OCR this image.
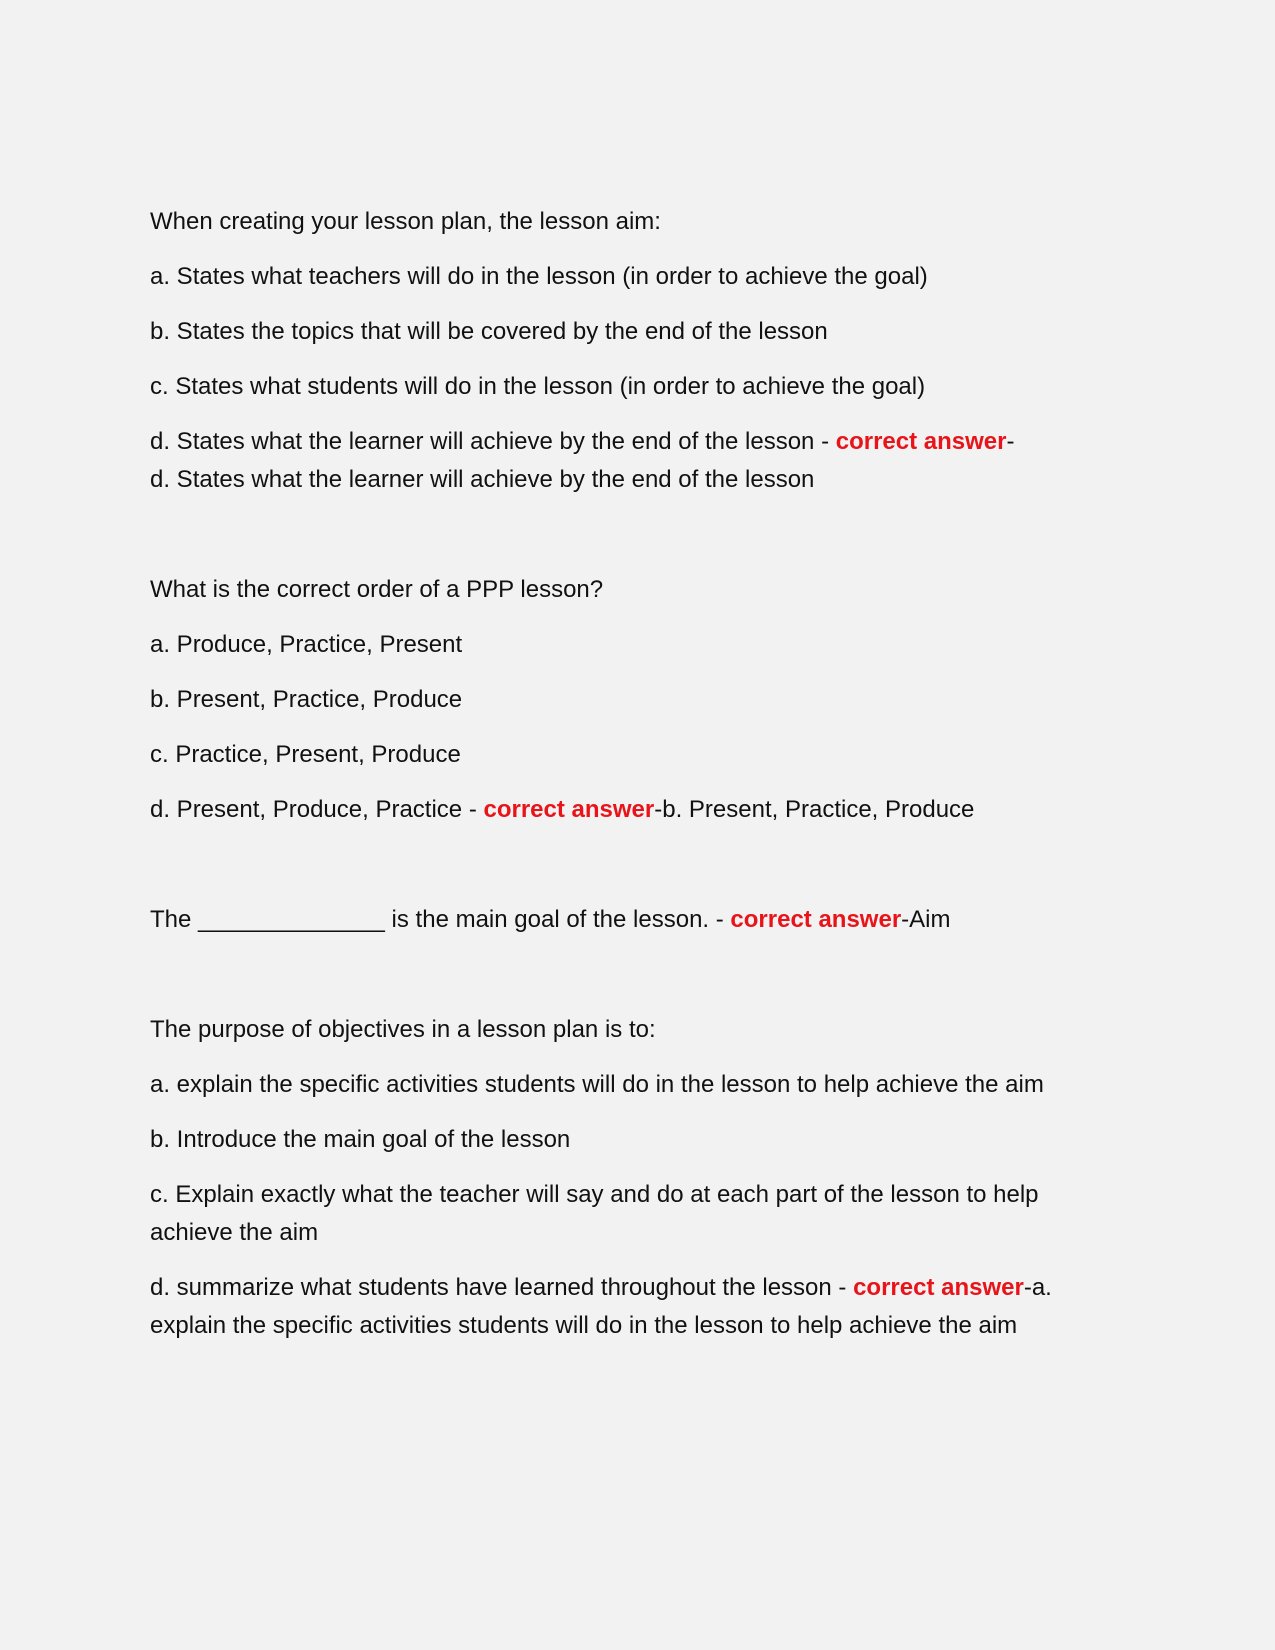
When creating your lesson plan, the lesson aim:

a. States what teachers will do in the lesson (in order to achieve the goal)

b. States the topics that will be covered by the end of the lesson

c. States what students will do in the lesson (in order to achieve the goal)

d. States what the learner will achieve by the end of the lesson - correct answer-
d. States what the learner will achieve by the end of the lesson

What is the correct order of a PPP lesson?

a. Produce, Practice, Present

b. Present, Practice, Produce

c. Practice, Present, Produce

d. Present, Produce, Practice - correct answer-b. Present, Practice, Produce

The ______________ is the main goal of the lesson. - correct answer-Aim

The purpose of objectives in a lesson plan is to:

a. explain the specific activities students will do in the lesson to help achieve the aim

b. Introduce the main goal of the lesson

c. Explain exactly what the teacher will say and do at each part of the lesson to help achieve the aim

d. summarize what students have learned throughout the lesson - correct answer-a. explain the specific activities students will do in the lesson to help achieve the aim
